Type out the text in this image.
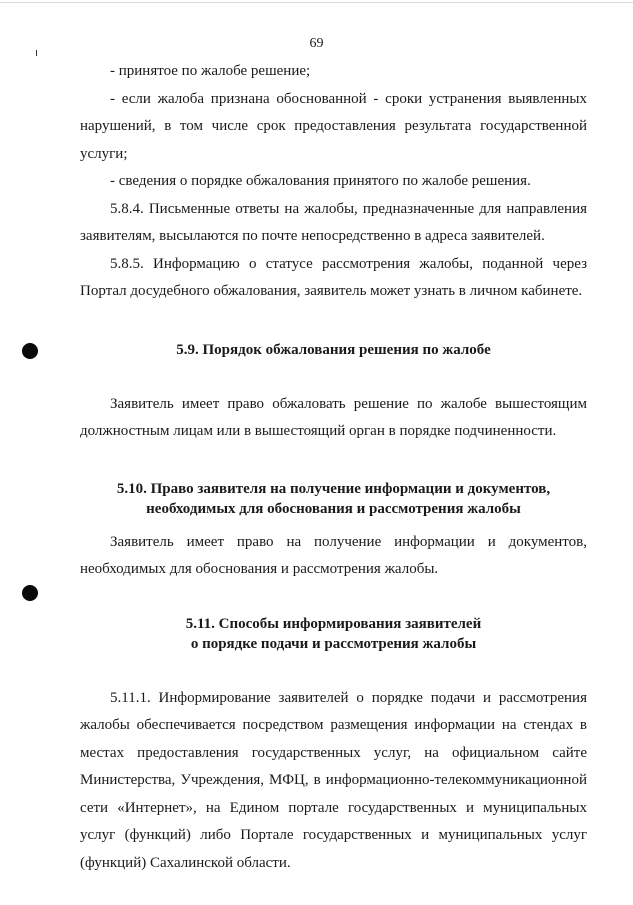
69

- принятое по жалобе решение;

- если жалоба признана обоснованной - сроки устранения выявленных нарушений, в том числе срок предоставления результата государственной услуги;

- сведения о порядке обжалования принятого по жалобе решения.

5.8.4. Письменные ответы на жалобы, предназначенные для направления заявителям, высылаются по почте непосредственно в адреса заявителей.

5.8.5. Информацию о статусе рассмотрения жалобы, поданной через Портал досудебного обжалования, заявитель может узнать в личном кабинете.

5.9. Порядок обжалования решения по жалобе

Заявитель имеет право обжаловать решение по жалобе вышестоящим должностным лицам или в вышестоящий орган в порядке подчиненности.

5.10. Право заявителя на получение информации и документов,
необходимых для обоснования и рассмотрения жалобы

Заявитель имеет право на получение информации и документов, необходимых для обоснования и рассмотрения жалобы.

5.11. Способы информирования заявителей
о порядке подачи и рассмотрения жалобы

5.11.1. Информирование заявителей о порядке подачи и рассмотрения жалобы обеспечивается посредством размещения информации на стендах в местах предоставления государственных услуг, на официальном сайте Министерства, Учреждения, МФЦ, в информационно-телекоммуникационной сети «Интернет», на Едином портале государственных и муниципальных услуг (функций) либо Портале государственных и муниципальных услуг (функций) Сахалинской области.
